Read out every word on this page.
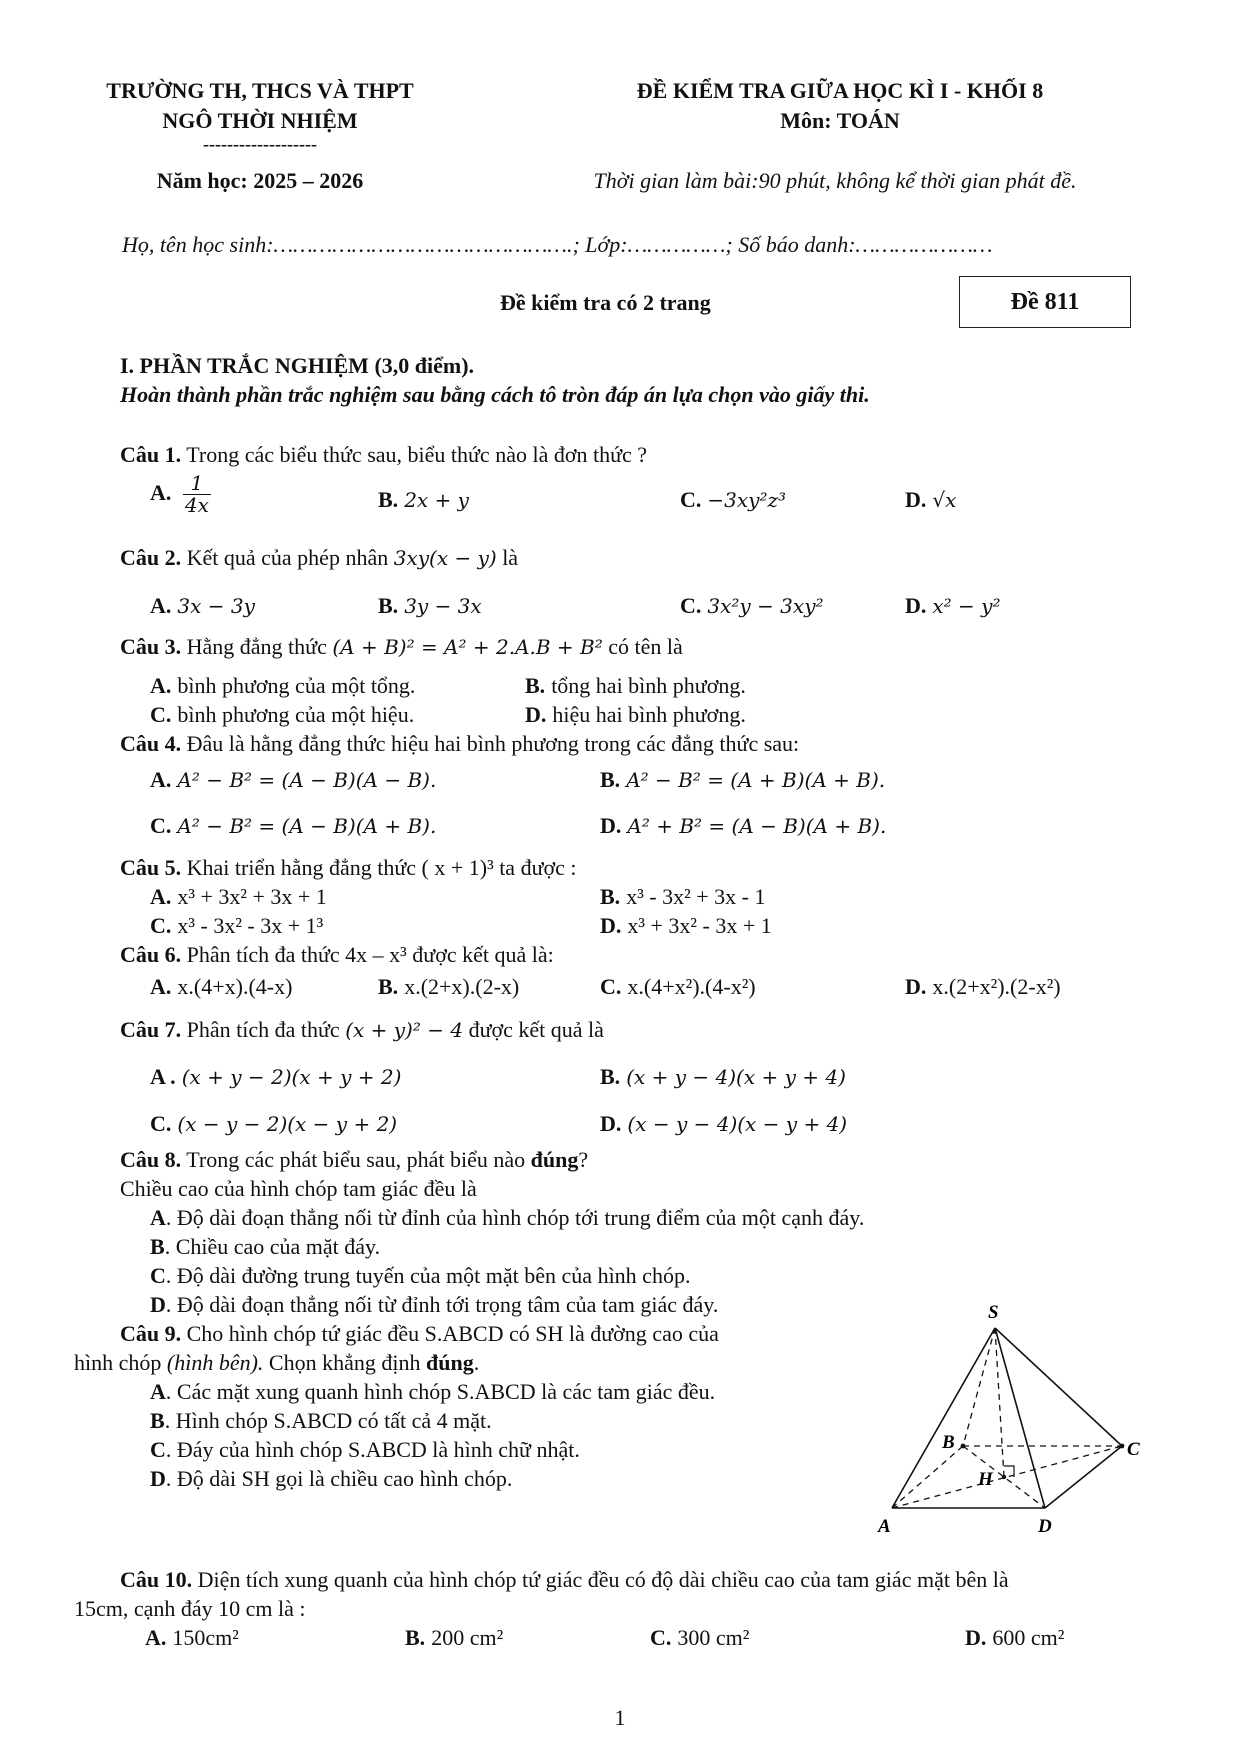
TRƯỜNG TH, THCS VÀ THPT
NGÔ THỜI NHIỆM
-------------------
Năm học: 2025 – 2026
ĐỀ KIỂM TRA GIỮA HỌC KÌ I - KHỐI 8
Môn: TOÁN
Thời gian làm bài:90 phút, không kể thời gian phát đề.
Họ, tên học sinh:……………………………………….; Lớp:……………; Số báo danh:…………………
Đề kiểm tra có 2 trang	Đề 811
I. PHẦN TRẮC NGHIỆM (3,0 điểm).
Hoàn thành phần trắc nghiệm sau bằng cách tô tròn đáp án lựa chọn vào giấy thi.
Câu 1. Trong các biểu thức sau, biểu thức nào là đơn thức ?
A. $\frac{1}{4x}$	B. 2x + y	C. −3xy²z³	D. √x
Câu 2. Kết quả của phép nhân 3xy(x − y) là
A. 3x − 3y	B. 3y − 3x	C. 3x²y − 3xy²	D. x² − y²
Câu 3. Hằng đẳng thức (A + B)² = A² + 2.A.B + B² có tên là
A. bình phương của một tổng.	B. tổng hai bình phương.
C. bình phương của một hiệu.	D. hiệu hai bình phương.
Câu 4. Đâu là hằng đẳng thức hiệu hai bình phương trong các đẳng thức sau:
A. A² − B² = (A − B)(A − B).	B. A² − B² = (A + B)(A + B).
C. A² − B² = (A − B)(A + B).	D. A² + B² = (A − B)(A + B).
Câu 5. Khai triển hằng đẳng thức ( x + 1)³ ta được :
A. x³ + 3x² + 3x + 1	B. x³ - 3x² + 3x - 1
C. x³ - 3x² - 3x + 1³	D. x³ + 3x² - 3x + 1
Câu 6. Phân tích đa thức 4x – x³ được kết quả là:
A. x.(4+x).(4-x)	B. x.(2+x).(2-x)	C. x.(4+x²).(4-x²)	D. x.(2+x²).(2-x²)
Câu 7. Phân tích đa thức (x + y)² − 4 được kết quả là
A . (x + y − 2)(x + y + 2)	B. (x + y − 4)(x + y + 4)
C. (x − y − 2)(x − y + 2)	D. (x − y − 4)(x − y + 4)
Câu 8. Trong các phát biểu sau, phát biểu nào đúng?
Chiều cao của hình chóp tam giác đều là
A. Độ dài đoạn thẳng nối từ đỉnh của hình chóp tới trung điểm của một cạnh đáy.
B. Chiều cao của mặt đáy.
C. Độ dài đường trung tuyến của một mặt bên của hình chóp.
D. Độ dài đoạn thẳng nối từ đỉnh tới trọng tâm của tam giác đáy.
Câu 9. Cho hình chóp tứ giác đều S.ABCD có SH là đường cao của
hình chóp (hình bên). Chọn khẳng định đúng.
A. Các mặt xung quanh hình chóp S.ABCD là các tam giác đều.
B. Hình chóp S.ABCD có tất cả 4 mặt.
C. Đáy của hình chóp S.ABCD là hình chữ nhật.
D. Độ dài SH gọi là chiều cao hình chóp.
S
B	C
H
A	D
Câu 10. Diện tích xung quanh của hình chóp tứ giác đều có độ dài chiều cao của tam giác mặt bên là
15cm, cạnh đáy 10 cm là :
A. 150cm²	B. 200 cm²	C. 300 cm²	D. 600 cm²
1
